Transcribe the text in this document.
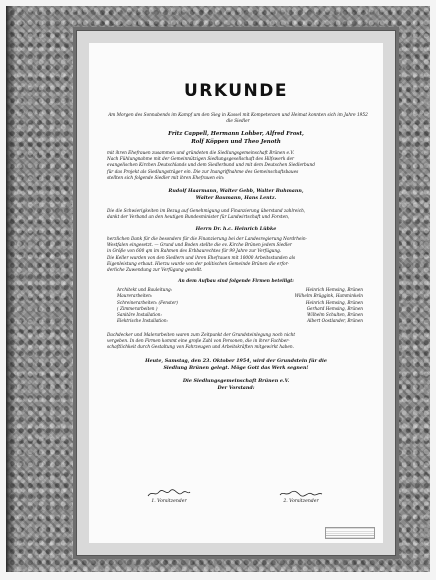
URKUNDE

Am Morgen des Sonnabends im Kampf um den Sieg in Kassel mit Kompetenzen und Heimat konnten sich im Jahre 1952 die Siedler

Fritz Cappell, Hermann Lohber, Alfred Frost,
Rolf Köppen und Theo Jenoth

mit ihren Ehefrauen zusammen und gründeten die Siedlungsgemeinschaft Brünen e.V.
Nach Fühlungnahme mit der Gemeinnützigen Siedlungsgesellschaft des Hilfswerk der
evangelischen Kirchen Deutschlands und dem Siedlerbund und mit dem Deutschen Siedlerbund
für das Projekt als Siedlungsträger ein. Die zur Inangriffnahme des Gemeinschaftsbaues
stellten sich folgende Siedler mit ihren Ehefrauen ein:

Rudolf Haarmann, Walter Gebb, Walter Buhmann,
Walter Baumann, Hans Lentz.

Die die Schwierigkeiten im Bezug auf Genehmigung und Finanzierung überstand zahlreich,
dankt der Verband an den heutigen Bundesminister für Landwirtschaft und Forsten,

Herrn Dr. h.c. Heinrich Lübke

herzlichen Dank für die besonders für die Finanzierung bei der Landesregierung Nordrhein-
Westfalen eingesetzt. — Grund und Boden stellte die ev. Kirche Brünen jedem Siedler
in Größe von 600 qm im Rahmen des Erbbaurechtes für 99 Jahre zur Verfügung.
Die Keller wurden von den Siedlern und ihren Ehefrauen mit 10000 Arbeitsstunden als
Eigenleistung erbaut. Hierzu wurde von der politischen Gemeinde Brünen die erfor-
derliche Zuwendung zur Verfügung gestellt.

An dem Aufbau sind folgende Firmen beteiligt:

Architekt und Bauleitung:	Heinrich Hemsing, Brünen
Maurerarbeiten:	Wilhelm Brüggink, Hamminkeln
Schreinerarbeiten: (Fenster)	Heinrich Hemsing, Brünen
( Zimmerarbeiten )	Gerhard Hemsing, Brünen
Sanitäre Installation:	Wilhelm Schulten, Brünen
Elektrische Installation:	Albert Oostlander, Brünen

Dachdecker und Malerarbeiten waren zum Zeitpunkt der Grundsteinlegung noch nicht
vergeben. In den Firmen kommt eine große Zahl von Personen, die in ihrer Fachber-
schaftlichkeit durch Gestaltung von Fahrzeugen und Arbeitskräften mitgewirkt haben.

Heute, Samstag, den 23. Oktober 1954, wird der Grundstein für die
Siedlung Brünen gelegt. Möge Gott das Werk segnen!

Die Siedlungsgemeinschaft Brünen e.V.
Der Vorstand:

1. Vorsitzender	2. Vorsitzender
